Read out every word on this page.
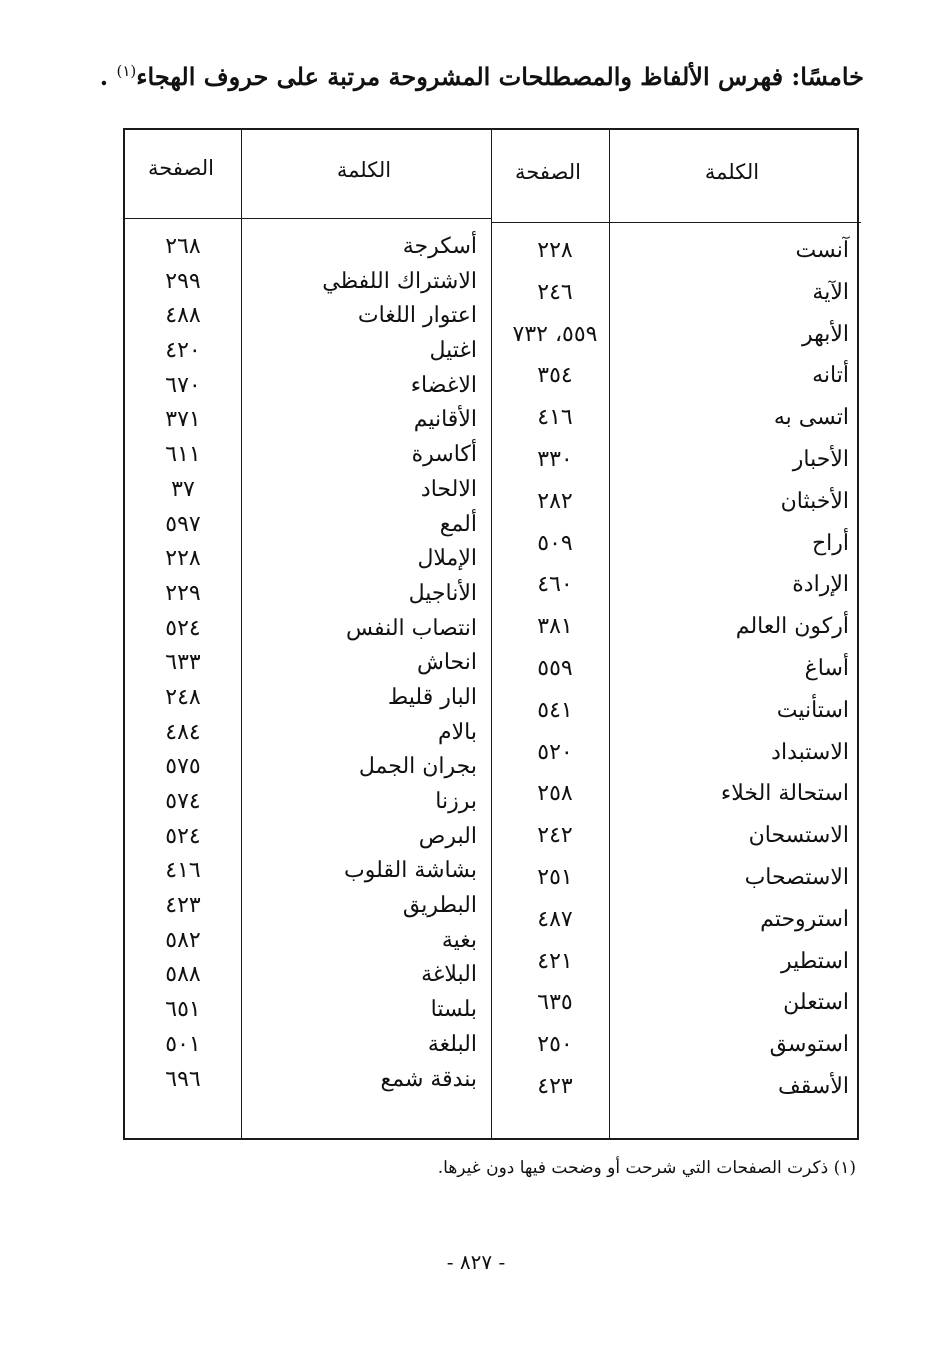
خامسًا: فهرس الألفاظ والمصطلحات المشروحة مرتبة على حروف الهجاء$^{(١)}$ .
الكلمة
الصفحة
الكلمة
الصفحة
آنست
الآية
الأبهر
أتانه
اتسى به
الأحبار
الأخبثان
أراح
الإرادة
أركون العالم
أساغ
استأنيت
الاستبداد
استحالة الخلاء
الاستسحان
الاستصحاب
استروحتم
استطير
استعلن
استوسق
الأسقف
٢٢٨
٢٤٦
٥٥٩، ٧٣٢
٣٥٤
٤١٦
٣٣٠
٢٨٢
٥٠٩
٤٦٠
٣٨١
٥٥٩
٥٤١
٥٢٠
٢٥٨
٢٤٢
٢٥١
٤٨٧
٤٢١
٦٣٥
٢٥٠
٤٢٣
أسكرجة
الاشتراك اللفظي
اعتوار اللغات
اغتيل
الاغضاء
الأقانيم
أكاسرة
الالحاد
ألمع
الإملال
الأناجيل
انتصاب النفس
انحاش
البار قليط
بالام
بجران الجمل
برزنا
البرص
بشاشة القلوب
البطريق
بغية
البلاغة
بلستا
البلغة
بندقة شمع
٢٦٨
٢٩٩
٤٨٨
٤٢٠
٦٧٠
٣٧١
٦١١
٣٧
٥٩٧
٢٢٨
٢٢٩
٥٢٤
٦٣٣
٢٤٨
٤٨٤
٥٧٥
٥٧٤
٥٢٤
٤١٦
٤٢٣
٥٨٢
٥٨٨
٦٥١
٥٠١
٦٩٦
(١) ذكرت الصفحات التي شرحت أو وضحت فيها دون غيرها.
- ٨٢٧ -
